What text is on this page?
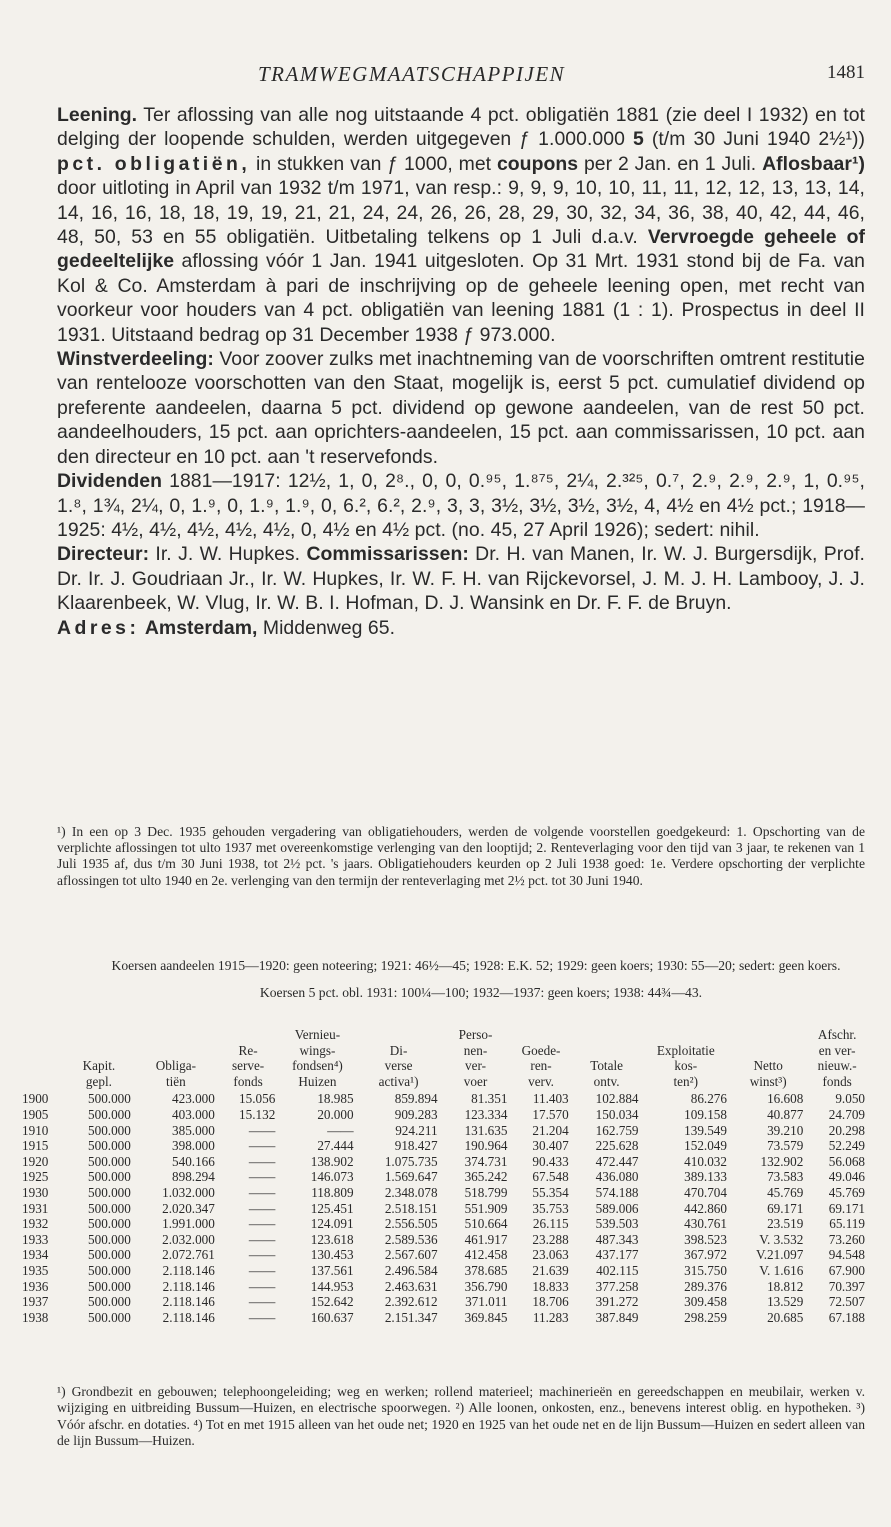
TRAMWEGMAATSCHAPPIJEN	1481

Leening. Ter aflossing van alle nog uitstaande 4 pct. obligatiën 1881 (zie deel I 1932) en tot delging der loopende schulden, werden uitgegeven ƒ 1.000.000 5 (t/m 30 Juni 1940 2½¹)) pct. obligatiën, in stukken van ƒ 1000, met coupons per 2 Jan. en 1 Juli. Aflosbaar¹) door uitloting in April van 1932 t/m 1971, van resp.: 9, 9, 9, 10, 10, 11, 11, 12, 12, 13, 13, 14, 14, 16, 16, 18, 18, 19, 19, 21, 21, 24, 24, 26, 26, 28, 29, 30, 32, 34, 36, 38, 40, 42, 44, 46, 48, 50, 53 en 55 obligatiën. Uitbetaling telkens op 1 Juli d.a.v. Vervroegde geheele of gedeeltelijke aflossing vóór 1 Jan. 1941 uitgesloten. Op 31 Mrt. 1931 stond bij de Fa. van Kol & Co. Amsterdam à pari de inschrijving op de geheele leening open, met recht van voorkeur voor houders van 4 pct. obligatiën van leening 1881 (1 : 1). Prospectus in deel II 1931. Uitstaand bedrag op 31 December 1938 ƒ 973.000.

Winstverdeeling: Voor zoover zulks met inachtneming van de voorschriften omtrent restitutie van rentelooze voorschotten van den Staat, mogelijk is, eerst 5 pct. cumulatief dividend op preferente aandeelen, daarna 5 pct. dividend op gewone aandeelen, van de rest 50 pct. aandeelhouders, 15 pct. aan oprichters-aandeelen, 15 pct. aan commissarissen, 10 pct. aan den directeur en 10 pct. aan 't reservefonds.

Dividenden 1881—1917: 12½, 1, 0, 2⁸., 0, 0, 0.⁹⁵, 1.⁸⁷⁵, 2¼, 2.³²⁵, 0.⁷, 2.⁹, 2.⁹, 2.⁹, 1, 0.⁹⁵, 1.⁸, 1¾, 2¼, 0, 1.⁹, 0, 1.⁹, 1.⁹, 0, 6.², 6.², 2.⁹, 3, 3, 3½, 3½, 3½, 3½, 4, 4½ en 4½ pct.; 1918—1925: 4½, 4½, 4½, 4½, 4½, 0, 4½ en 4½ pct. (no. 45, 27 April 1926); sedert: nihil.

Directeur: Ir. J. W. Hupkes. Commissarissen: Dr. H. van Manen, Ir. W. J. Burgersdijk, Prof. Dr. Ir. J. Goudriaan Jr., Ir. W. Hupkes, Ir. W. F. H. van Rijckevorsel, J. M. J. H. Lambooy, J. J. Klaarenbeek, W. Vlug, Ir. W. B. I. Hofman, D. J. Wansink en Dr. F. F. de Bruyn.

Adres: Amsterdam, Middenweg 65.

¹) In een op 3 Dec. 1935 gehouden vergadering van obligatiehouders, werden de volgende voorstellen goedgekeurd: 1. Opschorting van de verplichte aflossingen tot ulto 1937 met overeenkomstige verlenging van den looptijd; 2. Renteverlaging voor den tijd van 3 jaar, te rekenen van 1 Juli 1935 af, dus t/m 30 Juni 1938, tot 2½ pct. 's jaars. Obligatiehouders keurden op 2 Juli 1938 goed: 1e. Verdere opschorting der verplichte aflossingen tot ulto 1940 en 2e. verlenging van den termijn der renteverlaging met 2½ pct. tot 30 Juni 1940.
Koersen aandeelen 1915—1920: geen noteering; 1921: 46½—45; 1928: E.K. 52; 1929: geen koers; 1930: 55—20; sedert: geen koers.
Koersen 5 pct. obl. 1931: 100¼—100; 1932—1937: geen koers; 1938: 44¾—43.
				Vernieu-		Perso-					Afschr.
			Re-	wings-	Di-	nen-	Goede-		Exploitatie		en ver-
	Kapit.	Obliga-	serve-	fondsen⁴)	verse	ver-	ren-	Totale	kos-	Netto	nieuw.-
	gepl.	tiën	fonds	Huizen	activa¹)	voer	verv.	ontv.	ten²)	winst³)	fonds
1900	500.000	423.000	15.056	18.985	859.894	81.351	11.403	102.884	86.276	16.608	9.050
1905	500.000	403.000	15.132	20.000	909.283	123.334	17.570	150.034	109.158	40.877	24.709
1910	500.000	385.000	——	——	924.211	131.635	21.204	162.759	139.549	39.210	20.298
1915	500.000	398.000	——	27.444	918.427	190.964	30.407	225.628	152.049	73.579	52.249
1920	500.000	540.166	——	138.902	1.075.735	374.731	90.433	472.447	410.032	132.902	56.068
1925	500.000	898.294	——	146.073	1.569.647	365.242	67.548	436.080	389.133	73.583	49.046
1930	500.000	1.032.000	——	118.809	2.348.078	518.799	55.354	574.188	470.704	45.769	45.769
1931	500.000	2.020.347	——	125.451	2.518.151	551.909	35.753	589.006	442.860	69.171	69.171
1932	500.000	1.991.000	——	124.091	2.556.505	510.664	26.115	539.503	430.761	23.519	65.119
1933	500.000	2.032.000	——	123.618	2.589.536	461.917	23.288	487.343	398.523	V. 3.532	73.260
1934	500.000	2.072.761	——	130.453	2.567.607	412.458	23.063	437.177	367.972	V.21.097	94.548
1935	500.000	2.118.146	——	137.561	2.496.584	378.685	21.639	402.115	315.750	V. 1.616	67.900
1936	500.000	2.118.146	——	144.953	2.463.631	356.790	18.833	377.258	289.376	18.812	70.397
1937	500.000	2.118.146	——	152.642	2.392.612	371.011	18.706	391.272	309.458	13.529	72.507
1938	500.000	2.118.146	——	160.637	2.151.347	369.845	11.283	387.849	298.259	20.685	67.188
¹) Grondbezit en gebouwen; telephoongeleiding; weg en werken; rollend materieel; machinerieën en gereedschappen en meubilair, werken v. wijziging en uitbreiding Bussum—Huizen, en electrische spoorwegen. ²) Alle loonen, onkosten, enz., benevens interest oblig. en hypotheken. ³) Vóór afschr. en dotaties. ⁴) Tot en met 1915 alleen van het oude net; 1920 en 1925 van het oude net en de lijn Bussum—Huizen en sedert alleen van de lijn Bussum—Huizen.
